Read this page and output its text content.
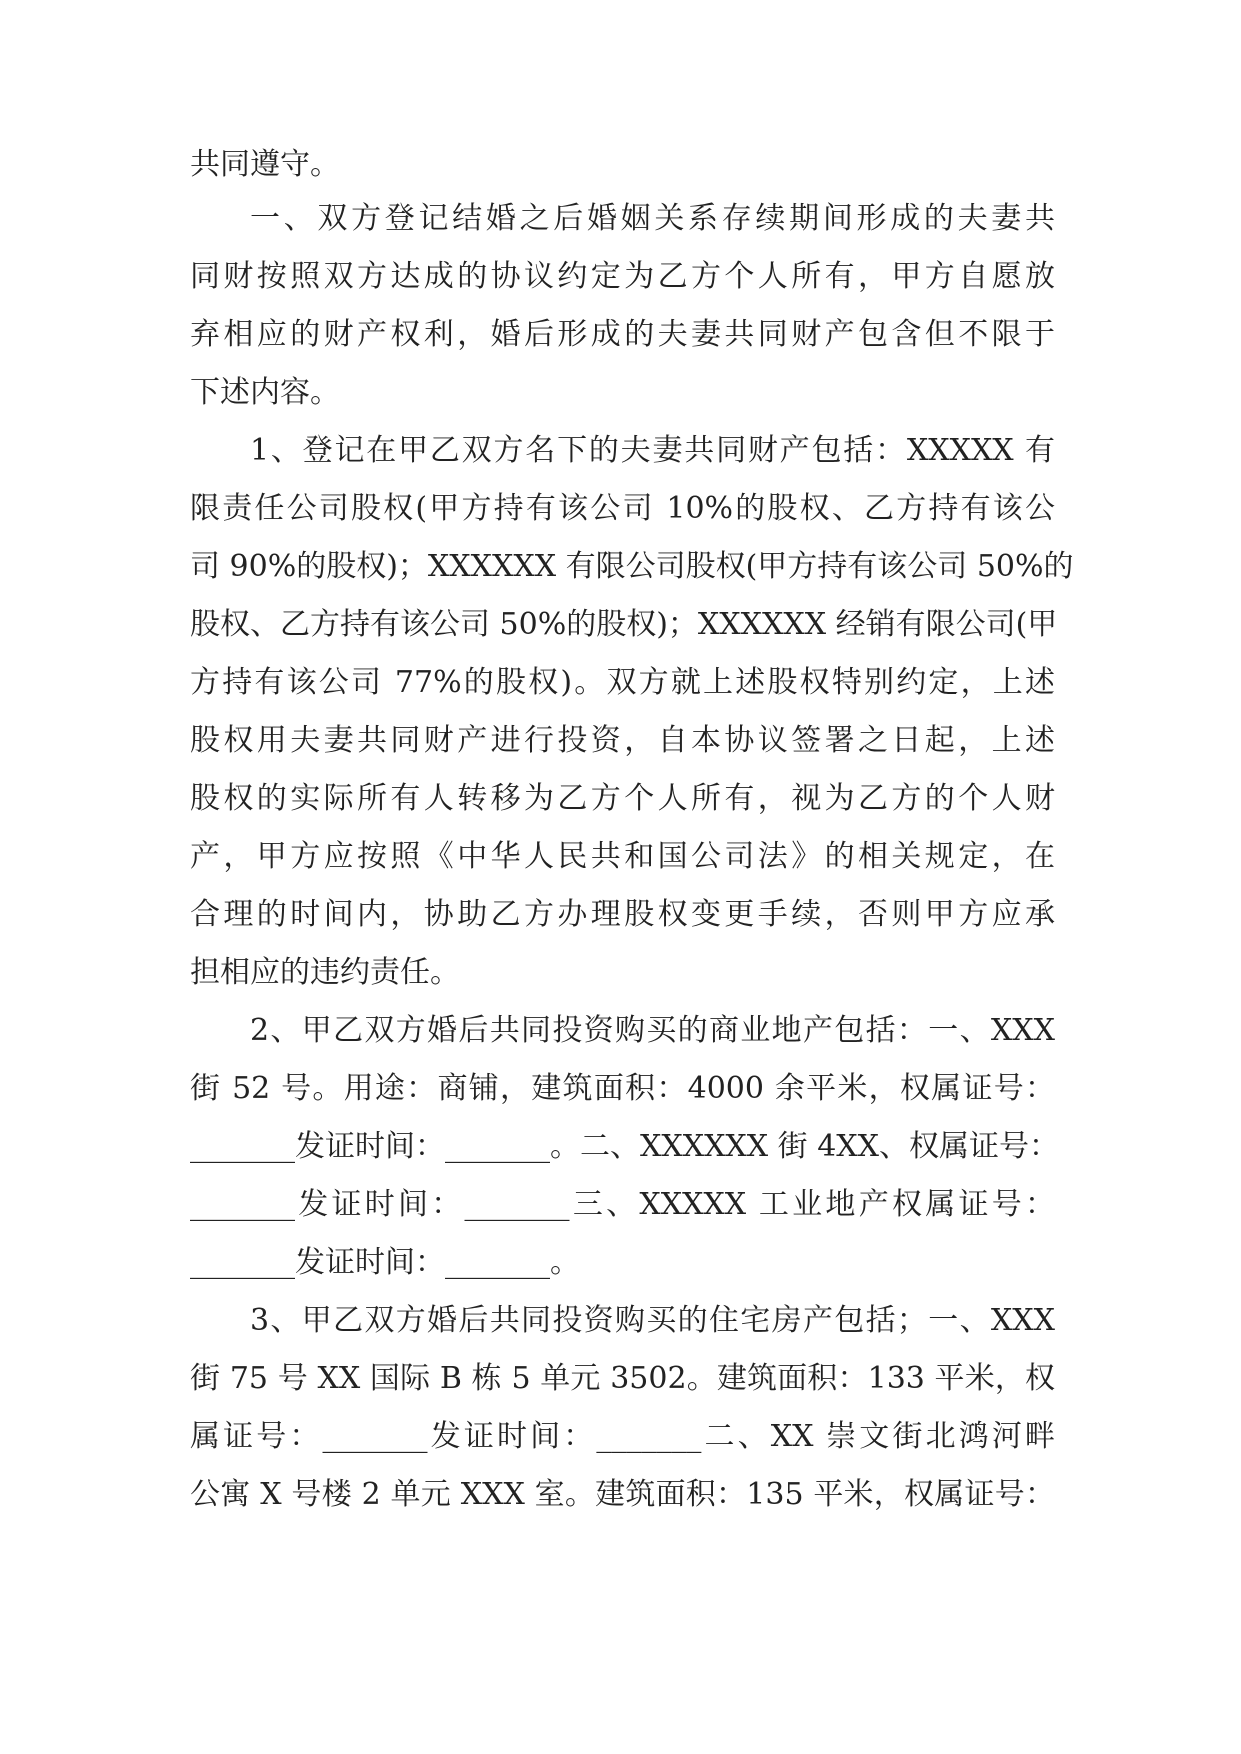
共同遵守。
一、双方登记结婚之后婚姻关系存续期间形成的夫妻共
同财按照双方达成的协议约定为乙方个人所有，甲方自愿放
弃相应的财产权利，婚后形成的夫妻共同财产包含但不限于
下述内容。
1、登记在甲乙双方名下的夫妻共同财产包括：XXXXX 有
限责任公司股权(甲方持有该公司 10%的股权、乙方持有该公
司 90%的股权)；XXXXXX 有限公司股权(甲方持有该公司 50%的
股权、乙方持有该公司 50%的股权)；XXXXXX 经销有限公司(甲
方持有该公司 77%的股权)。双方就上述股权特别约定，上述
股权用夫妻共同财产进行投资，自本协议签署之日起，上述
股权的实际所有人转移为乙方个人所有，视为乙方的个人财
产，甲方应按照《中华人民共和国公司法》的相关规定，在
合理的时间内，协助乙方办理股权变更手续，否则甲方应承
担相应的违约责任。
2、甲乙双方婚后共同投资购买的商业地产包括：一、XXX
街 52 号。用途：商铺，建筑面积：4000 余平米，权属证号：
_______发证时间：_______。二、XXXXXX 街 4XX、权属证号：
_______发证时间：_______三、XXXXX 工业地产权属证号：
_______发证时间：_______。
3、甲乙双方婚后共同投资购买的住宅房产包括；一、XXX
街 75 号 XX 国际 B 栋 5 单元 3502。建筑面积：133 平米，权
属证号：_______发证时间：_______二、XX 崇文街北鸿河畔
公寓 X 号楼 2 单元 XXX 室。建筑面积：135 平米，权属证号：
